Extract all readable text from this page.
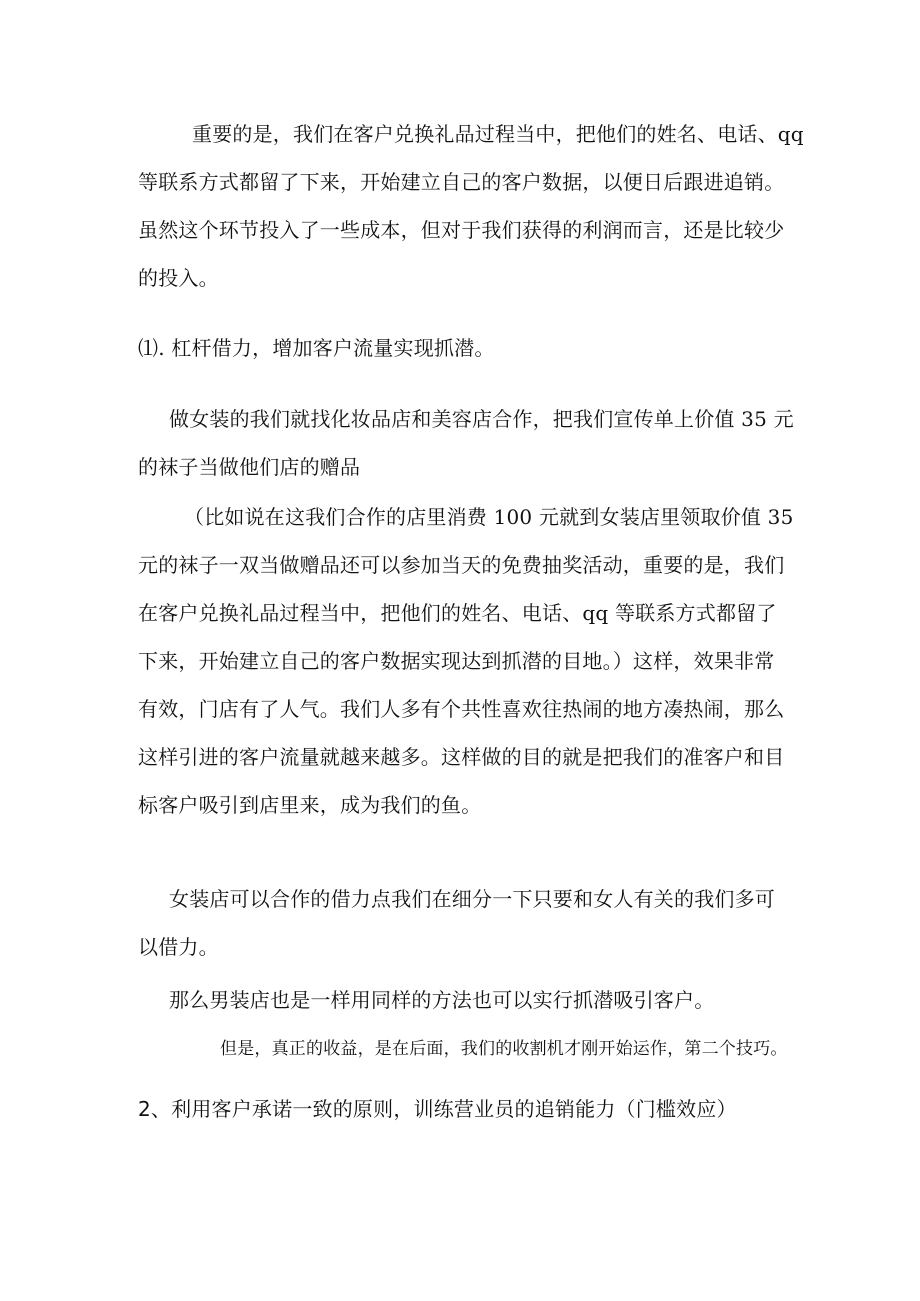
重要的是，我们在客户兑换礼品过程当中，把他们的姓名、电话、qq
等联系方式都留了下来，开始建立自己的客户数据，以便日后跟进追销。
虽然这个环节投入了一些成本，但对于我们获得的利润而言，还是比较少
的投入。
⑴. 杠杆借力，增加客户流量实现抓潜。
做女装的我们就找化妆品店和美容店合作，把我们宣传单上价值 35 元
的袜子当做他们店的赠品
（比如说在这我们合作的店里消费 100 元就到女装店里领取价值 35
元的袜子一双当做赠品还可以参加当天的免费抽奖活动，重要的是，我们
在客户兑换礼品过程当中，把他们的姓名、电话、qq 等联系方式都留了
下来，开始建立自己的客户数据实现达到抓潜的目地。）这样，效果非常
有效，门店有了人气。我们人多有个共性喜欢往热闹的地方凑热闹，那么
这样引进的客户流量就越来越多。这样做的目的就是把我们的准客户和目
标客户吸引到店里来，成为我们的鱼。
女装店可以合作的借力点我们在细分一下只要和女人有关的我们多可
以借力。
那么男装店也是一样用同样的方法也可以实行抓潜吸引客户。
但是，真正的收益，是在后面，我们的收割机才刚开始运作，第二个技巧。
2、利用客户承诺一致的原则，训练营业员的追销能力（门槛效应）
